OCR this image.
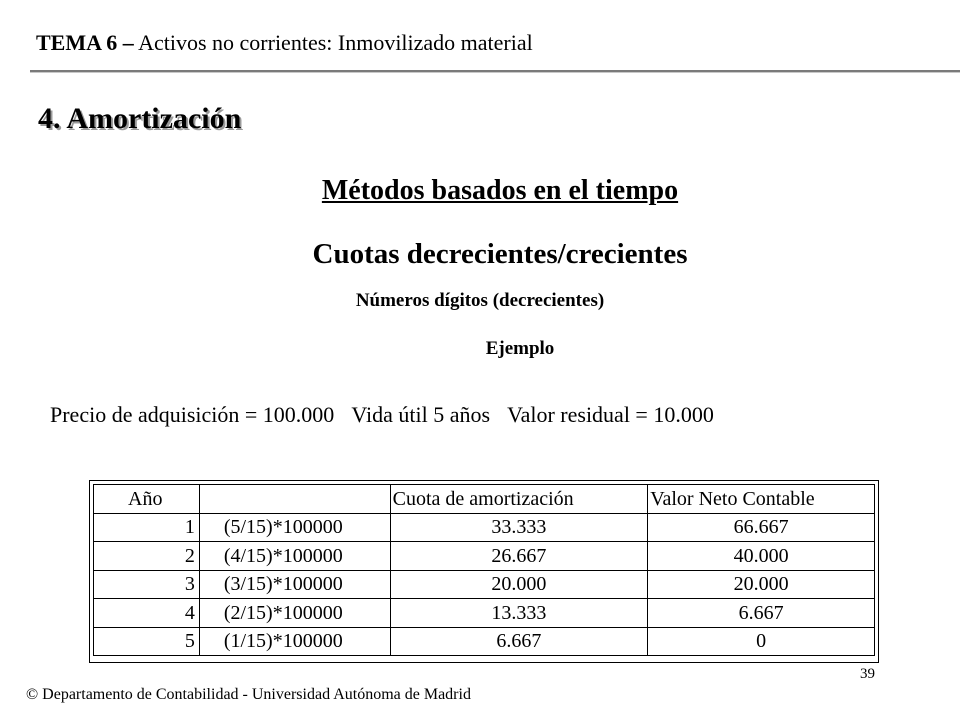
TEMA 6 – Activos no corrientes: Inmovilizado material
4. Amortización
Métodos basados en el tiempo
Cuotas decrecientes/crecientes
Números dígitos (decrecientes)
Ejemplo
Precio de adquisición = 100.000 Vida útil 5 años Valor residual = 10.000
Año		Cuota de amortización	Valor Neto Contable
1	(5/15)*100000	33.333	66.667
2	(4/15)*100000	26.667	40.000
3	(3/15)*100000	20.000	20.000
4	(2/15)*100000	13.333	6.667
5	(1/15)*100000	6.667	0
39
© Departamento de Contabilidad - Universidad Autónoma de Madrid
